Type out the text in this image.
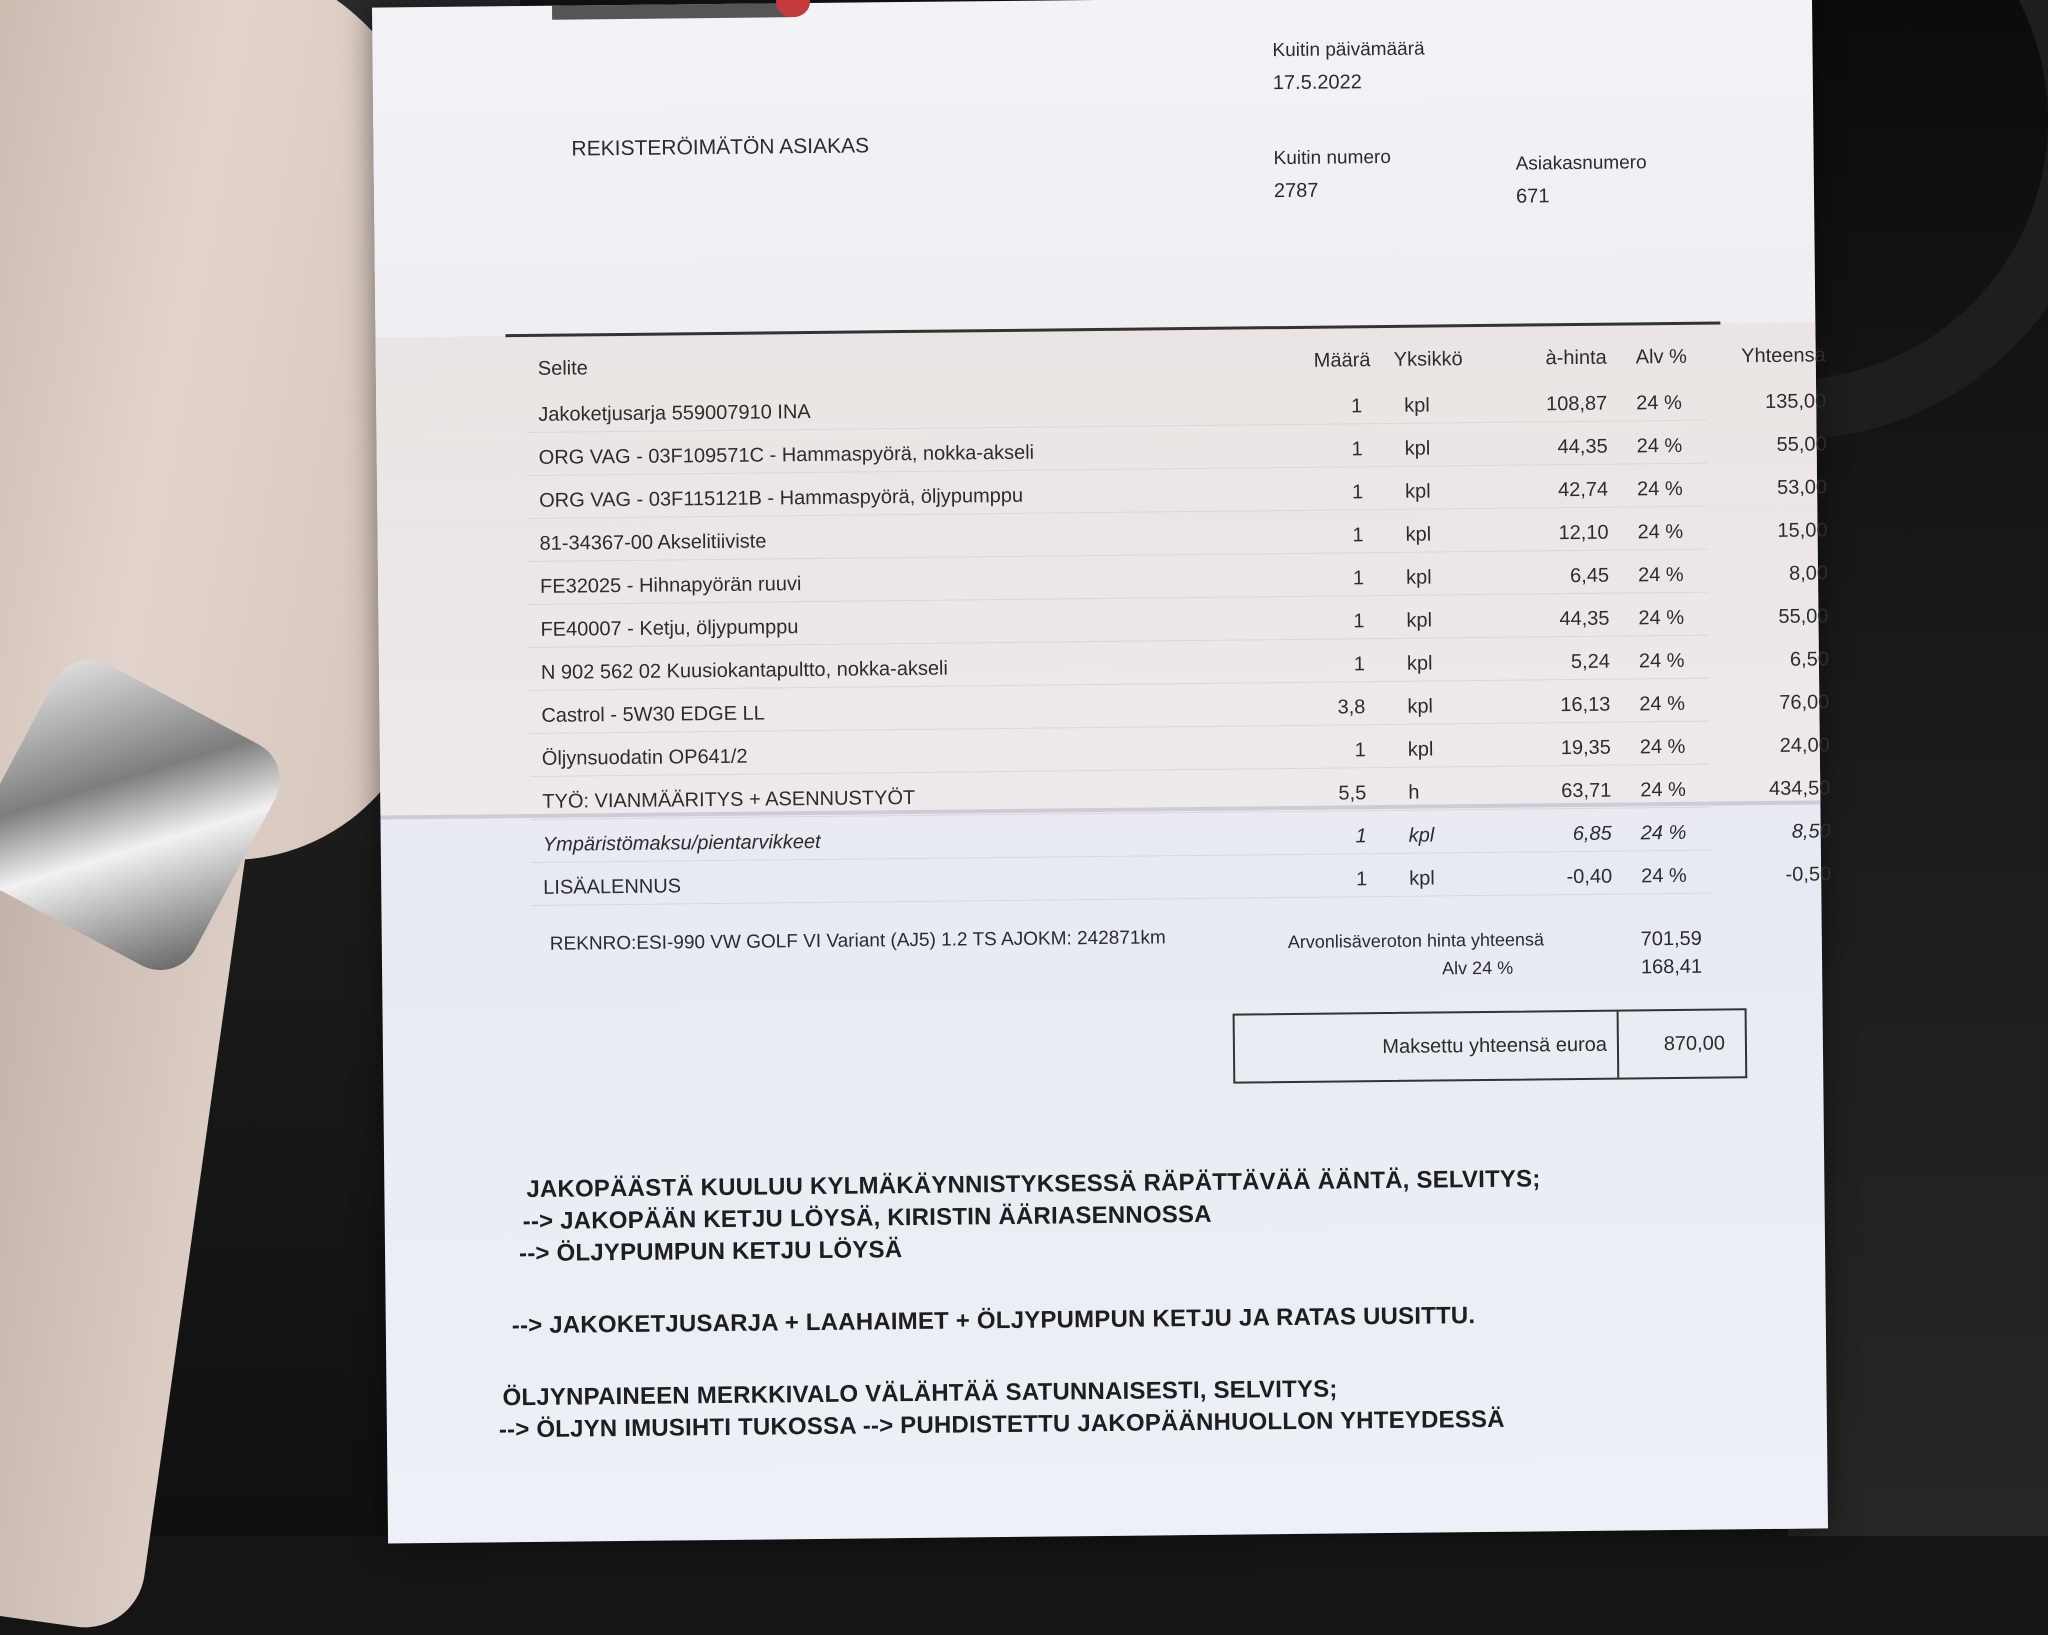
Kuitin päivämäärä
17.5.2022
REKISTERÖIMÄTÖN ASIAKAS	Kuitin numero
2787
Asiakasnumero
671
Selite	Määrä Yksikkö	à-hinta Alv %	Yhteensä
Jakoketjusarja 559007910 INA	1 kpl	108,87 24 %	135,00
ORG VAG - 03F109571C - Hammaspyörä, nokka-akseli	1 kpl	44,35 24 %	55,00
ORG VAG - 03F115121B - Hammaspyörä, öljypumppu	1 kpl	42,74 24 %	53,00
81-34367-00 Akselitiiviste	1 kpl	12,10 24 %	15,00
FE32025 - Hihnapyörän ruuvi	1 kpl	6,45 24 %	8,00
FE40007 - Ketju, öljypumppu	1 kpl	44,35 24 %	55,00
N 902 562 02 Kuusiokantapultto, nokka-akseli	1 kpl	5,24 24 %	6,50
Castrol - 5W30 EDGE LL	3,8 kpl	16,13 24 %	76,00
Öljynsuodatin OP641/2	1 kpl	19,35 24 %	24,00
TYÖ: VIANMÄÄRITYS + ASENNUSTYÖT	5,5 h	63,71 24 %	434,50
Ympäristömaksu/pientarvikkeet	1 kpl	6,85 24 %	8,50
LISÄALENNUS	1 kpl	-0,40 24 %	-0,50
REKNRO:ESI-990 VW GOLF VI Variant (AJ5) 1.2 TS AJOKM: 242871km	Arvonlisäveroton hinta yhteensä	701,59
Alv 24 %	168,41
Maksettu yhteensä euroa	870,00
JAKOPÄÄSTÄ KUULUU KYLMÄKÄYNNISTYKSESSÄ RÄPÄTTÄVÄÄ ÄÄNTÄ, SELVITYS;
--> JAKOPÄÄN KETJU LÖYSÄ, KIRISTIN ÄÄRIASENNOSSA
--> ÖLJYPUMPUN KETJU LÖYSÄ
--> JAKOKETJUSARJA + LAAHAIMET + ÖLJYPUMPUN KETJU JA RATAS UUSITTU.
ÖLJYNPAINEEN MERKKIVALO VÄLÄHTÄÄ SATUNNAISESTI, SELVITYS;
--> ÖLJYN IMUSIHTI TUKOSSA --> PUHDISTETTU JAKOPÄÄNHUOLLON YHTEYDESSÄ
